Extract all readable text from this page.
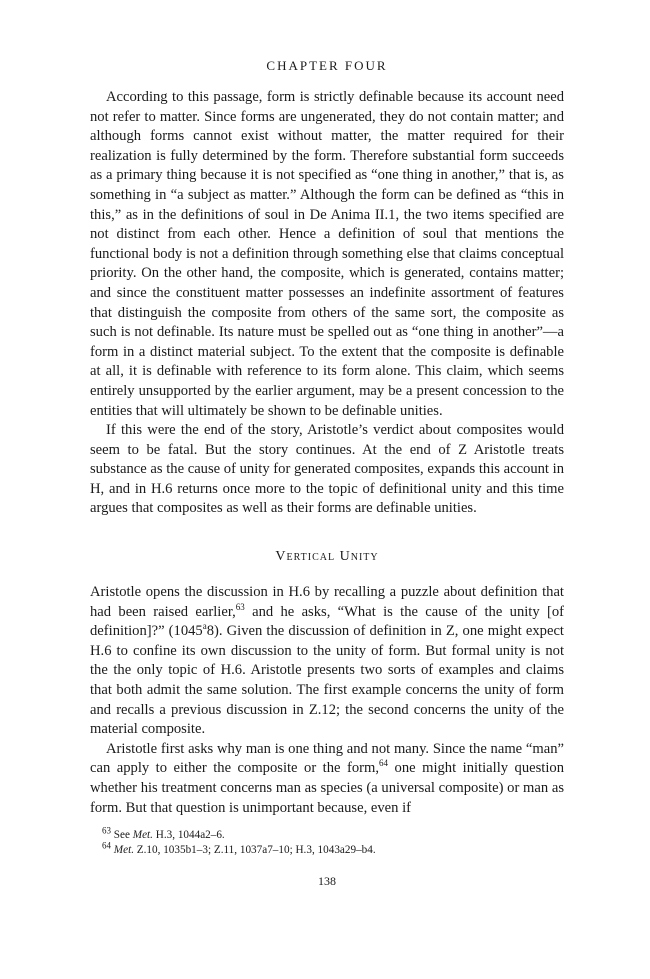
CHAPTER FOUR

According to this passage, form is strictly definable because its account need not refer to matter. Since forms are ungenerated, they do not contain matter; and although forms cannot exist without matter, the matter required for their realization is fully determined by the form. Therefore substantial form succeeds as a primary thing because it is not specified as “one thing in another,” that is, as something in “a subject as matter.” Although the form can be defined as “this in this,” as in the definitions of soul in De Anima II.1, the two items specified are not distinct from each other. Hence a definition of soul that mentions the functional body is not a definition through something else that claims conceptual priority. On the other hand, the composite, which is generated, contains matter; and since the constituent matter possesses an indefinite assortment of features that distinguish the composite from others of the same sort, the composite as such is not definable. Its nature must be spelled out as “one thing in another”—a form in a distinct material subject. To the extent that the composite is definable at all, it is definable with reference to its form alone. This claim, which seems entirely unsupported by the earlier argument, may be a present concession to the entities that will ultimately be shown to be definable unities.

If this were the end of the story, Aristotle’s verdict about composites would seem to be fatal. But the story continues. At the end of Z Aristotle treats substance as the cause of unity for generated composites, expands this account in H, and in H.6 returns once more to the topic of definitional unity and this time argues that composites as well as their forms are definable unities.

Vertical Unity

Aristotle opens the discussion in H.6 by recalling a puzzle about definition that had been raised earlier,$^{63}$ and he asks, “What is the cause of the unity [of definition]?” (1045$^a$8). Given the discussion of definition in Z, one might expect H.6 to confine its own discussion to the unity of form. But formal unity is not the the only topic of H.6. Aristotle presents two sorts of examples and claims that both admit the same solution. The first example concerns the unity of form and recalls a previous discussion in Z.12; the second concerns the unity of the material composite.

Aristotle first asks why man is one thing and not many. Since the name “man” can apply to either the composite or the form,$^{64}$ one might initially question whether his treatment concerns man as species (a universal composite) or man as form. But that question is unimportant because, even if

$^{63}$ See Met. H.3, 1044a2–6.
$^{64}$ Met. Z.10, 1035b1–3; Z.11, 1037a7–10; H.3, 1043a29–b4.
138
